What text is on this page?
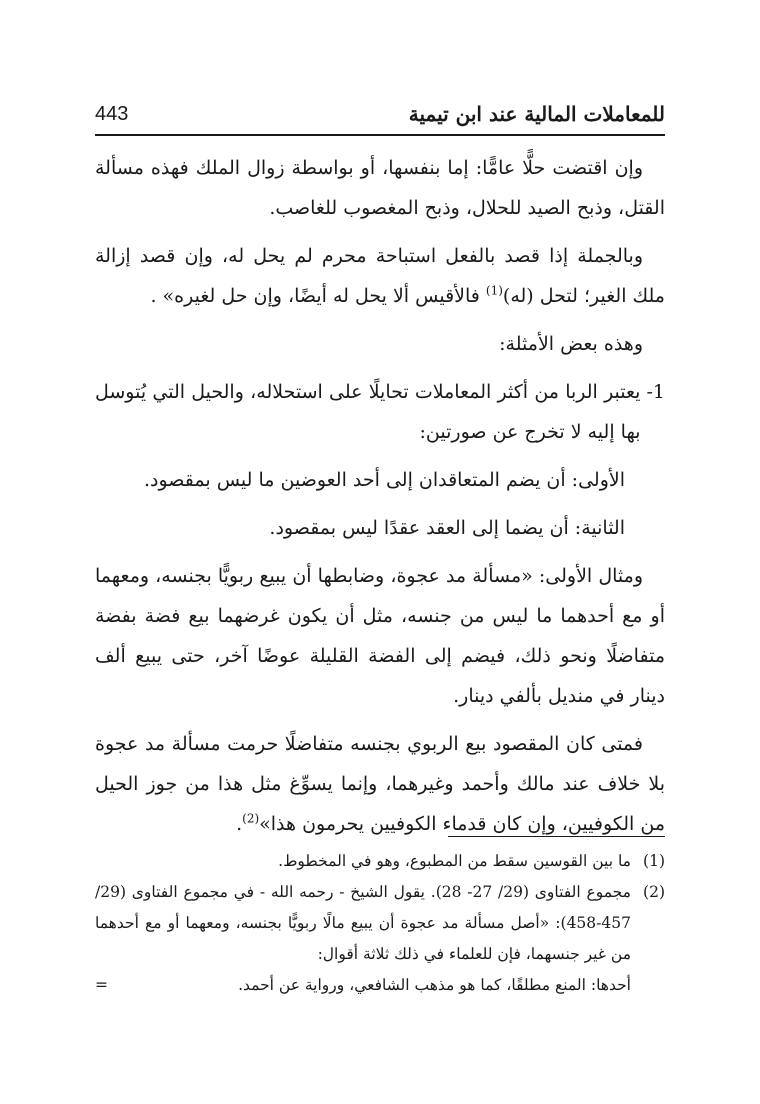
للمعاملات المالية عند ابن تيمية
443

وإن اقتضت حلًّا عامًّا: إما بنفسها، أو بواسطة زوال الملك فهذه مسألة القتل، وذبح الصيد للحلال، وذبح المغصوب للغاصب.

وبالجملة إذا قصد بالفعل استباحة محرم لم يحل له، وإن قصد إزالة ملك الغير؛ لتحل (له)$^{(1)}$ فالأقيس ألا يحل له أيضًا، وإن حل لغيره» .

وهذه بعض الأمثلة:

1-
يعتبر الربا من أكثر المعاملات تحايلًا على استحلاله، والحيل التي يُتوسل بها إليه لا تخرج عن صورتين:

الأولى: أن يضم المتعاقدان إلى أحد العوضين ما ليس بمقصود.

الثانية: أن يضما إلى العقد عقدًا ليس بمقصود.

ومثال الأولى: «مسألة مد عجوة، وضابطها أن يبيع ربويًّا بجنسه، ومعهما أو مع أحدهما ما ليس من جنسه، مثل أن يكون غرضهما بيع فضة بفضة متفاضلًا ونحو ذلك، فيضم إلى الفضة القليلة عوضًا آخر، حتى يبيع ألف دينار في منديل بألفي دينار.

فمتى كان المقصود بيع الربوي بجنسه متفاضلًا حرمت مسألة مد عجوة بلا خلاف عند مالك وأحمد وغيرهما، وإنما يسوِّغ مثل هذا من جوز الحيل من الكوفيين، وإن كان قدماء الكوفيين يحرمون هذا»$^{(2)}$.

(1)
ما بين القوسين سقط من المطبوع، وهو في المخطوط.
(2)
مجموع الفتاوى (29/ 27- 28). يقول الشيخ - رحمه الله - في مجموع الفتاوى (29/ 457-458): «أصل مسألة مد عجوة أن يبيع مالًا ربويًّا بجنسه، ومعهما أو مع أحدهما من غير جنسهما، فإن للعلماء في ذلك ثلاثة أقوال:
أحدها: المنع مطلقًا، كما هو مذهب الشافعي، ورواية عن أحمد.
=
